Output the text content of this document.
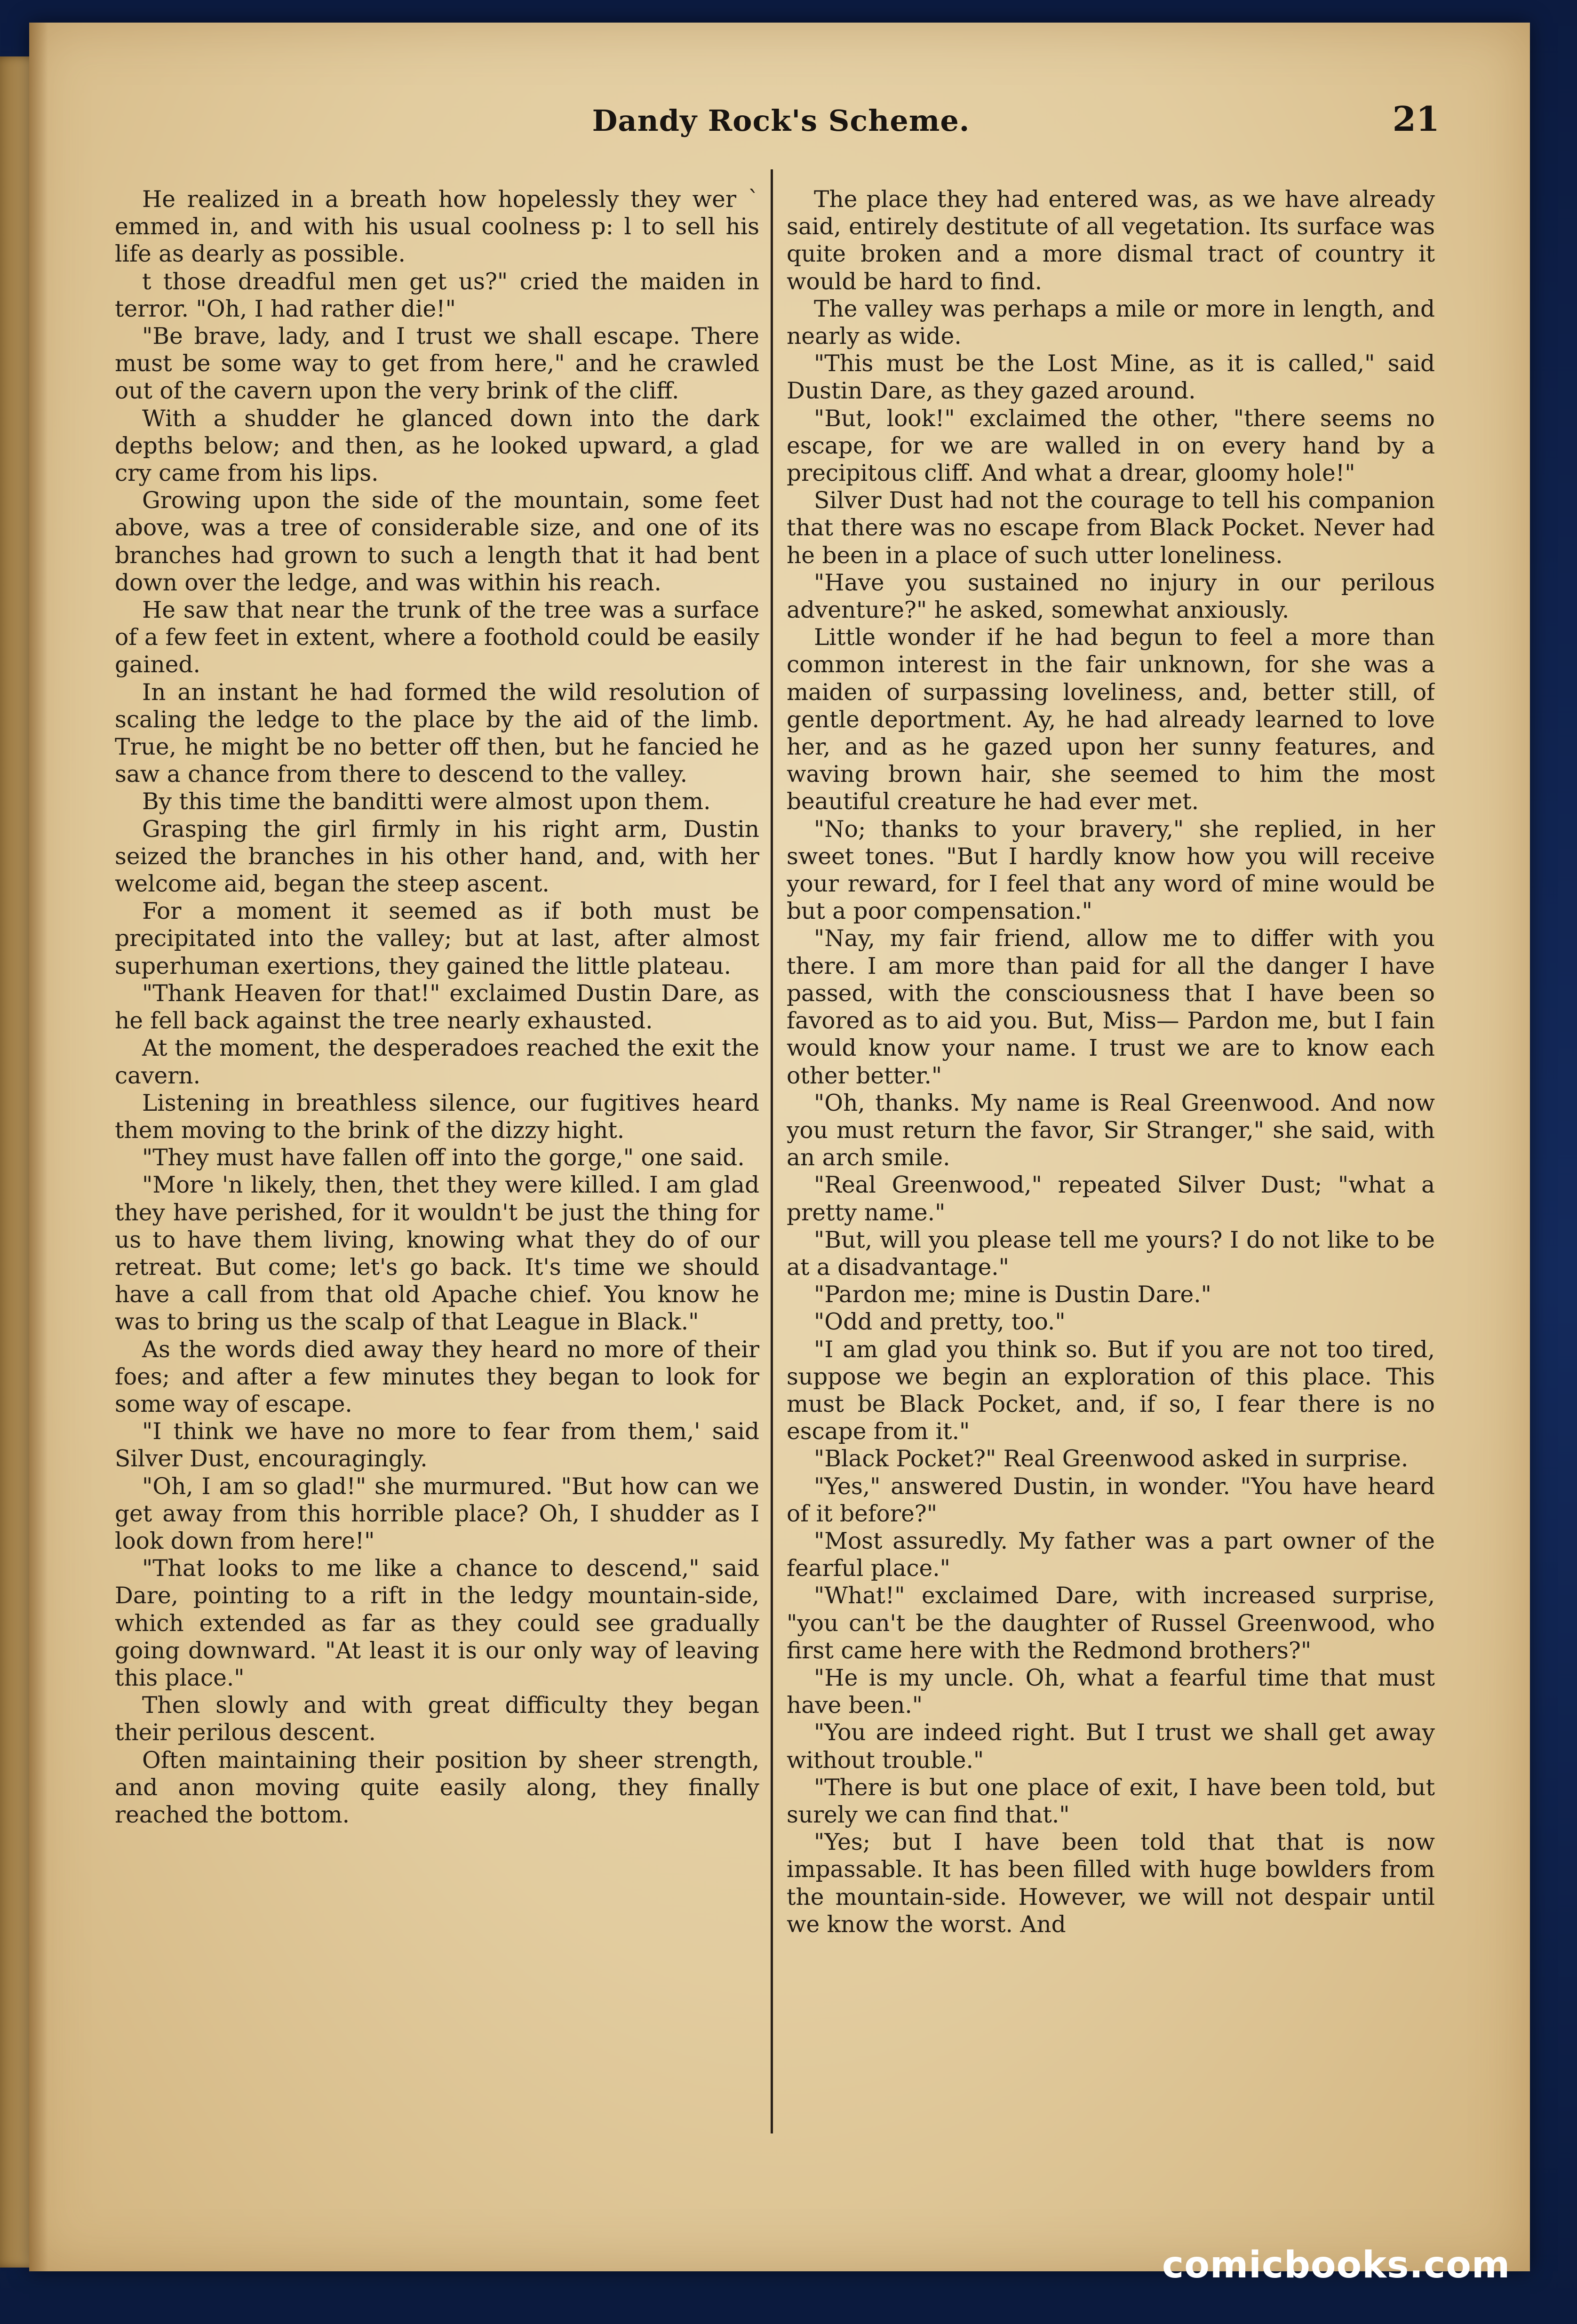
Dandy Rock's Scheme.	21

He realized in a breath how hopelessly they wer ` emmed in, and with his usual coolness p: l to sell his life as dearly as possible.

t those dreadful men get us?" cried the maiden in terror. "Oh, I had rather die!"

"Be brave, lady, and I trust we shall escape. There must be some way to get from here," and he crawled out of the cavern upon the very brink of the cliff.

With a shudder he glanced down into the dark depths below; and then, as he looked upward, a glad cry came from his lips.

Growing upon the side of the mountain, some feet above, was a tree of considerable size, and one of its branches had grown to such a length that it had bent down over the ledge, and was within his reach.

He saw that near the trunk of the tree was a surface of a few feet in extent, where a foothold could be easily gained.

In an instant he had formed the wild resolution of scaling the ledge to the place by the aid of the limb. True, he might be no better off then, but he fancied he saw a chance from there to descend to the valley.

By this time the banditti were almost upon them.

Grasping the girl firmly in his right arm, Dustin seized the branches in his other hand, and, with her welcome aid, began the steep ascent.

For a moment it seemed as if both must be precipitated into the valley; but at last, after almost superhuman exertions, they gained the little plateau.

"Thank Heaven for that!" exclaimed Dustin Dare, as he fell back against the tree nearly exhausted.

At the moment, the desperadoes reached the exit the cavern.

Listening in breathless silence, our fugitives heard them moving to the brink of the dizzy hight.

"They must have fallen off into the gorge," one said.

"More 'n likely, then, thet they were killed. I am glad they have perished, for it wouldn't be just the thing for us to have them living, knowing what they do of our retreat. But come; let's go back. It's time we should have a call from that old Apache chief. You know he was to bring us the scalp of that League in Black."

As the words died away they heard no more of their foes; and after a few minutes they began to look for some way of escape.

"I think we have no more to fear from them,' said Silver Dust, encouragingly.

"Oh, I am so glad!" she murmured. "But how can we get away from this horrible place? Oh, I shudder as I look down from here!"

"That looks to me like a chance to descend," said Dare, pointing to a rift in the ledgy mountain-side, which extended as far as they could see gradually going downward. "At least it is our only way of leaving this place."

Then slowly and with great difficulty they began their perilous descent.

Often maintaining their position by sheer strength, and anon moving quite easily along, they finally reached the bottom.

The place they had entered was, as we have already said, entirely destitute of all vegetation. Its surface was quite broken and a more dismal tract of country it would be hard to find.

The valley was perhaps a mile or more in length, and nearly as wide.

"This must be the Lost Mine, as it is called," said Dustin Dare, as they gazed around.

"But, look!" exclaimed the other, "there seems no escape, for we are walled in on every hand by a precipitous cliff. And what a drear, gloomy hole!"

Silver Dust had not the courage to tell his companion that there was no escape from Black Pocket. Never had he been in a place of such utter loneliness.

"Have you sustained no injury in our perilous adventure?" he asked, somewhat anxiously.

Little wonder if he had begun to feel a more than common interest in the fair unknown, for she was a maiden of surpassing loveliness, and, better still, of gentle deportment. Ay, he had already learned to love her, and as he gazed upon her sunny features, and waving brown hair, she seemed to him the most beautiful creature he had ever met.

"No; thanks to your bravery," she replied, in her sweet tones. "But I hardly know how you will receive your reward, for I feel that any word of mine would be but a poor compensation."

"Nay, my fair friend, allow me to differ with you there. I am more than paid for all the danger I have passed, with the consciousness that I have been so favored as to aid you. But, Miss— Pardon me, but I fain would know your name. I trust we are to know each other better."

"Oh, thanks. My name is Real Greenwood. And now you must return the favor, Sir Stranger," she said, with an arch smile.

"Real Greenwood," repeated Silver Dust; "what a pretty name."

"But, will you please tell me yours? I do not like to be at a disadvantage."

"Pardon me; mine is Dustin Dare."

"Odd and pretty, too."

"I am glad you think so. But if you are not too tired, suppose we begin an exploration of this place. This must be Black Pocket, and, if so, I fear there is no escape from it."

"Black Pocket?" Real Greenwood asked in surprise.

"Yes," answered Dustin, in wonder. "You have heard of it before?"

"Most assuredly. My father was a part owner of the fearful place."

"What!" exclaimed Dare, with increased surprise, "you can't be the daughter of Russel Greenwood, who first came here with the Redmond brothers?"

"He is my uncle. Oh, what a fearful time that must have been."

"You are indeed right. But I trust we shall get away without trouble."

"There is but one place of exit, I have been told, but surely we can find that."

"Yes; but I have been told that that is now impassable. It has been filled with huge bowlders from the mountain-side. However, we will not despair until we know the worst. And

comicbooks.com
